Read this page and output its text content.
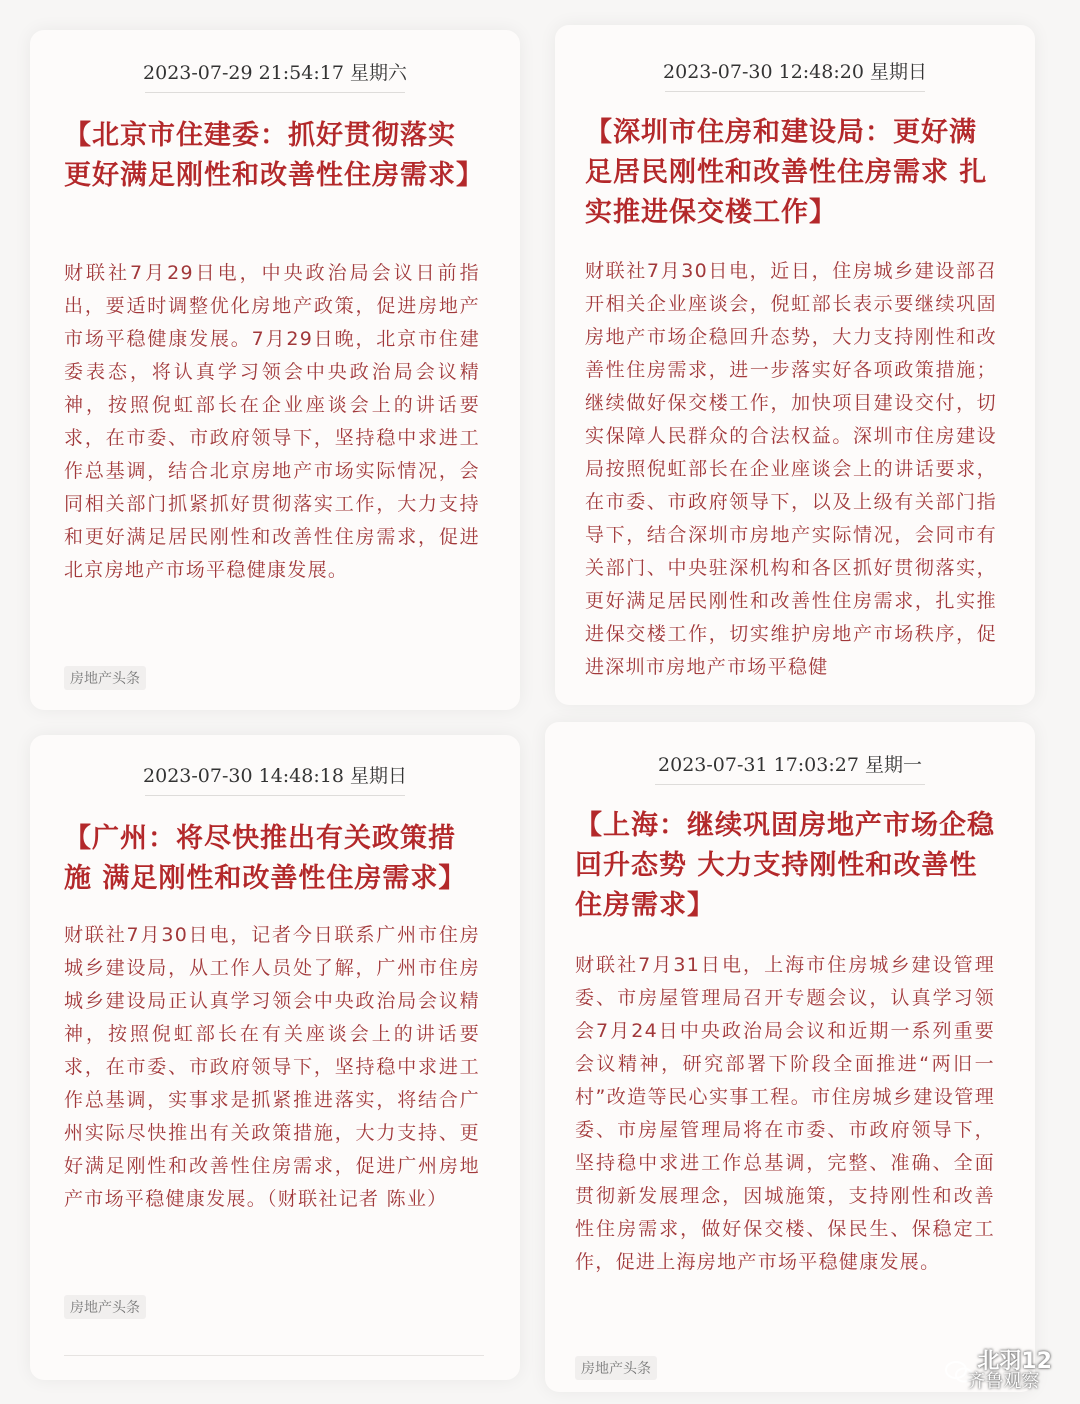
2023-07-29 21:54:17 星期六
【北京市住建委：抓好贯彻落实更好满足刚性和改善性住房需求】

财联社7月29日电，中央政治局会议日前指出，要适时调整优化房地产政策，促进房地产市场平稳健康发展。7月29日晚，北京市住建委表态，将认真学习领会中央政治局会议精神，按照倪虹部长在企业座谈会上的讲话要求，在市委、市政府领导下，坚持稳中求进工作总基调，结合北京房地产市场实际情况，会同相关部门抓紧抓好贯彻落实工作，大力支持和更好满足居民刚性和改善性住房需求，促进北京房地产市场平稳健康发展。

房地产头条
2023-07-30 12:48:20 星期日
【深圳市住房和建设局：更好满足居民刚性和改善性住房需求 扎实推进保交楼工作】

财联社7月30日电，近日，住房城乡建设部召开相关企业座谈会，倪虹部长表示要继续巩固房地产市场企稳回升态势，大力支持刚性和改善性住房需求，进一步落实好各项政策措施；继续做好保交楼工作，加快项目建设交付，切实保障人民群众的合法权益。深圳市住房建设局按照倪虹部长在企业座谈会上的讲话要求，在市委、市政府领导下，以及上级有关部门指导下，结合深圳市房地产实际情况，会同市有关部门、中央驻深机构和各区抓好贯彻落实，更好满足居民刚性和改善性住房需求，扎实推进保交楼工作，切实维护房地产市场秩序，促进深圳市房地产市场平稳健

2023-07-30 14:48:18 星期日
【广州：将尽快推出有关政策措施 满足刚性和改善性住房需求】

财联社7月30日电，记者今日联系广州市住房城乡建设局，从工作人员处了解，广州市住房城乡建设局正认真学习领会中央政治局会议精神，按照倪虹部长在有关座谈会上的讲话要求，在市委、市政府领导下，坚持稳中求进工作总基调，实事求是抓紧推进落实，将结合广州实际尽快推出有关政策措施，大力支持、更好满足刚性和改善性住房需求，促进广州房地产市场平稳健康发展。（财联社记者 陈业）

房地产头条
2023-07-31 17:03:27 星期一
【上海：继续巩固房地产市场企稳回升态势 大力支持刚性和改善性住房需求】

财联社7月31日电，上海市住房城乡建设管理委、市房屋管理局召开专题会议，认真学习领会7月24日中央政治局会议和近期一系列重要会议精神，研究部署下阶段全面推进“两旧一村”改造等民心实事工程。市住房城乡建设管理委、市房屋管理局将在市委、市政府领导下，坚持稳中求进工作总基调，完整、准确、全面贯彻新发展理念，因城施策，支持刚性和改善性住房需求，做好保交楼、保民生、保稳定工作，促进上海房地产市场平稳健康发展。

房地产头条	北羽12
齐鲁观察
